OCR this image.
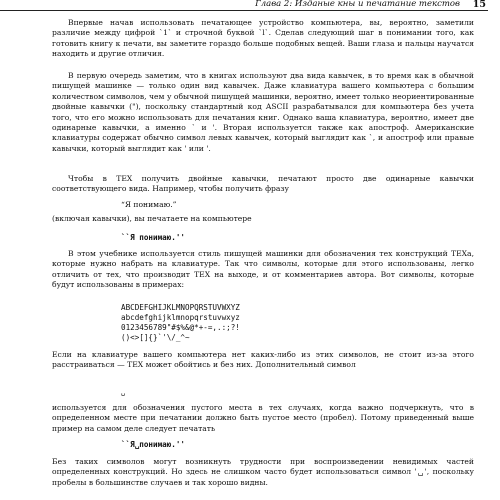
Глава 2: Изданые кны и печатание текстов 15

Впервые начав использовать печатающее устройство компьютера, вы, вероятно, заметили различие между цифрой `1` и строчной буквой `l`. Сделав следующий шаг в понимании того, как готовить книгу к печати, вы заметите гораздо больше подобных вещей. Ваши глаза и пальцы научатся находить и другие отличия.

В первую очередь заметим, что в книгах используют два вида кавычек, в то время как в обычной пишущей машинке — только один вид кавычек. Даже клавиатура вашего компьютера с большим количеством символов, чем у обычной пишущей машинки, вероятно, имеет только неориентированные двойные кавычки ("), поскольку стандартный код ASCII разрабатывался для компьютера без учета того, что его можно использовать для печатания книг. Однако ваша клавиатура, вероятно, имеет две одинарные кавычки, а именно ` и '. Вторая используется также как апостроф. Американские клавиатуры содержат обычно символ левых кавычек, который выглядит как `, и апостроф или правые кавычки, который выглядит как ' или '.

Чтобы в TEX получить двойные кавычки, печатают просто две одинарные кавычки соответствующего вида. Например, чтобы получить фразу

“Я понимаю.”
(включая кавычки), вы печатаете на компьютере
``Я понимаю.''

В этом учебнике используется стиль пишущей машинки для обозначения тех конструкций TEXа, которые нужно набрать на клавиатуре. Так что символы, которые для этого использованы, легко отличить от тех, что производит TEX на выходе, и от комментариев автора. Вот символы, которые будут использованы в примерах:

ABCDEFGHIJKLMNOPQRSTUVWXYZ
abcdefghijklmnopqrstuvwxyz
0123456789"#$%&@*+-=,.:;?!
()<>[]{}`'\/_^~

Если на клавиатуре вашего компьютера нет каких-либо из этих символов, не стоит из-за этого расстраиваться — TEX может обойтись и без них. Дополнительный символ

␣

используется для обозначения пустого места в тех случаях, когда важно подчеркнуть, что в определенном месте при печатании должно быть пустое место (пробел). Потому приведенный выше пример на самом деле следует печатать

``Я␣понимаю.''

Без таких символов могут возникнуть трудности при воспроизведении невидимых частей определенных конструкций. Но здесь не слишком часто будет использоваться символ '␣', поскольку пробелы в большинстве случаев и так хорошо видны.
